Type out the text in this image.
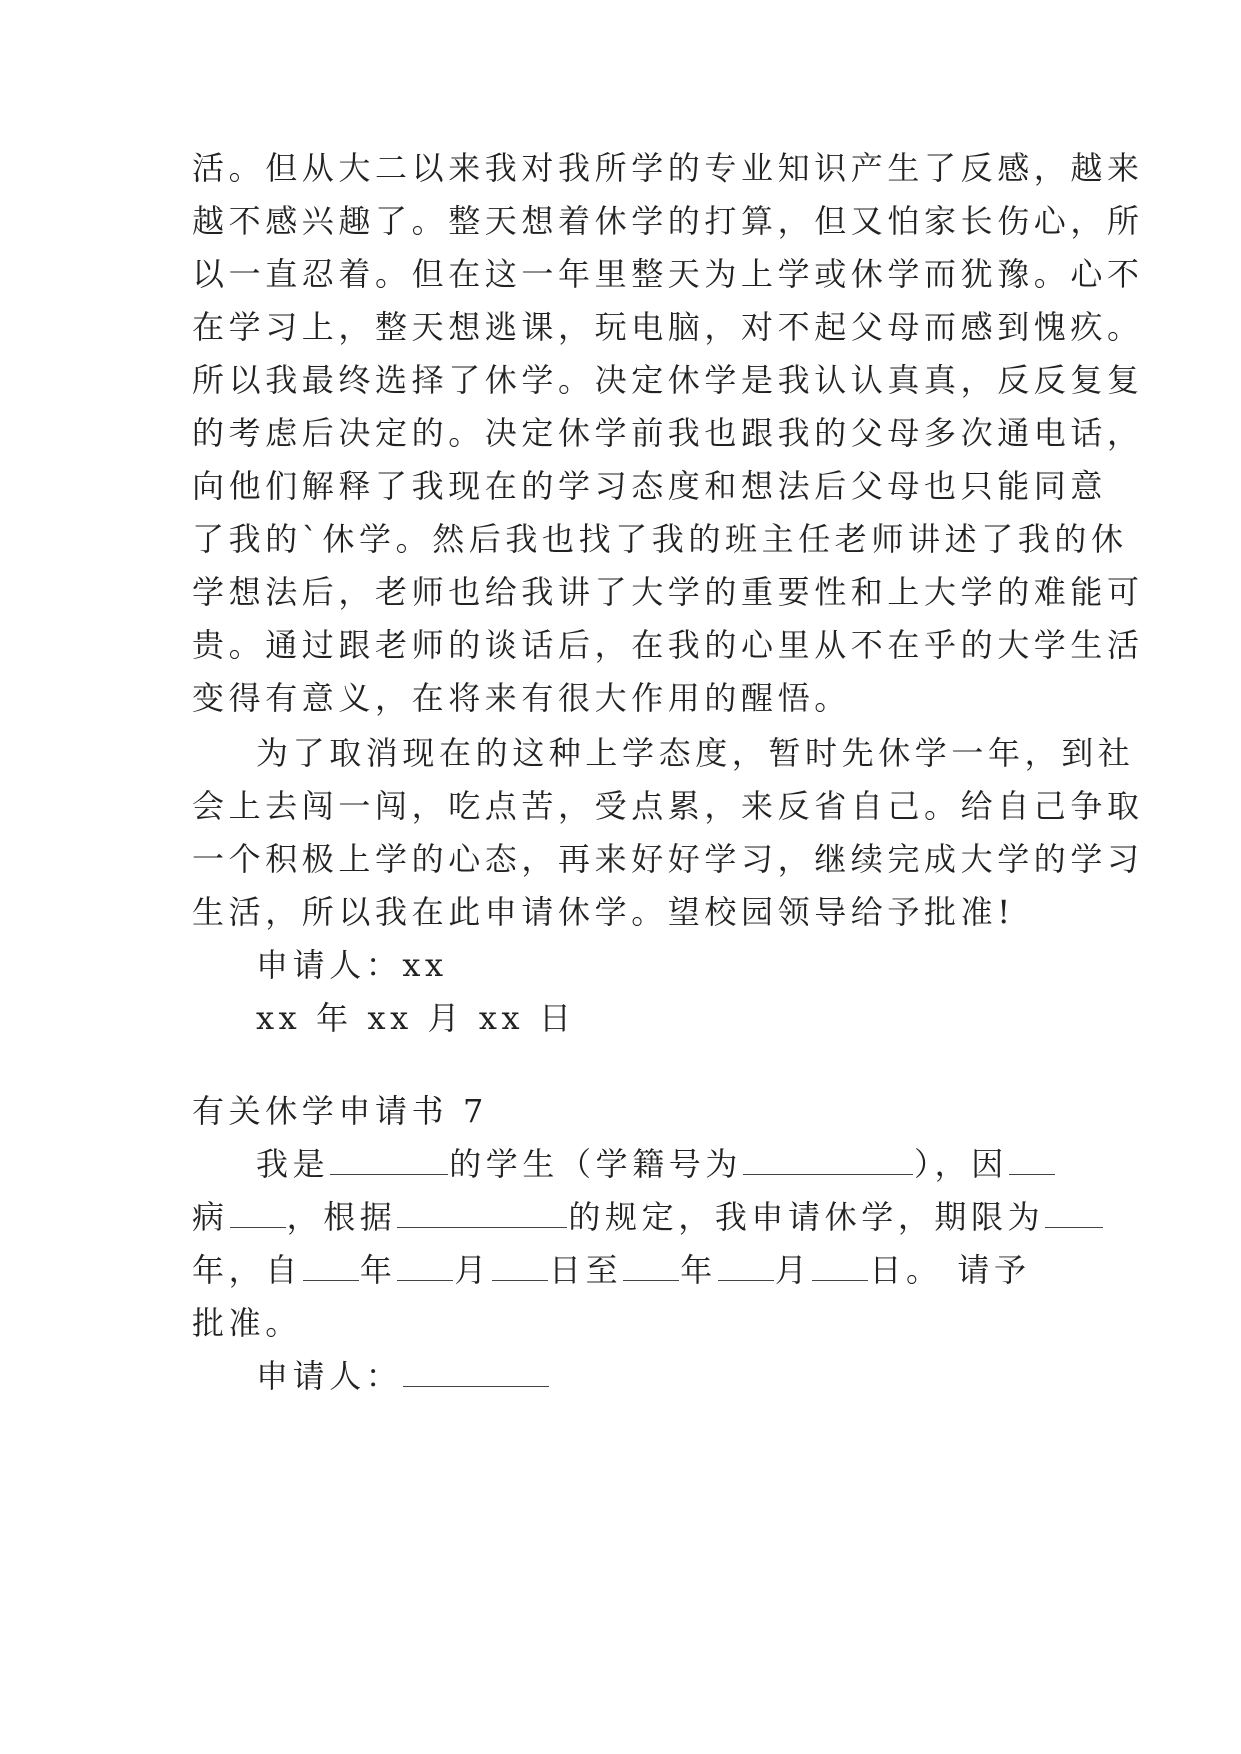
活。但从大二以来我对我所学的专业知识产生了反感，越来
越不感兴趣了。整天想着休学的打算，但又怕家长伤心，所
以一直忍着。但在这一年里整天为上学或休学而犹豫。心不
在学习上，整天想逃课，玩电脑，对不起父母而感到愧疚。
所以我最终选择了休学。决定休学是我认认真真，反反复复
的考虑后决定的。决定休学前我也跟我的父母多次通电话，
向他们解释了我现在的学习态度和想法后父母也只能同意
了我的`休学。然后我也找了我的班主任老师讲述了我的休
学想法后，老师也给我讲了大学的重要性和上大学的难能可
贵。通过跟老师的谈话后，在我的心里从不在乎的大学生活
变得有意义，在将来有很大作用的醒悟。
为了取消现在的这种上学态度，暂时先休学一年，到社
会上去闯一闯，吃点苦，受点累，来反省自己。给自己争取
一个积极上学的心态，再来好好学习，继续完成大学的学习
生活，所以我在此申请休学。望校园领导给予批准!
申请人：xx
xx 年 xx 月 xx 日
有关休学申请书 7
我是	的学生（学籍号为	），因
病 ，根据	的规定，我申请休学，期限为
年，自 年 月 日至 年 月 日。 请予
批准。
申请人：
